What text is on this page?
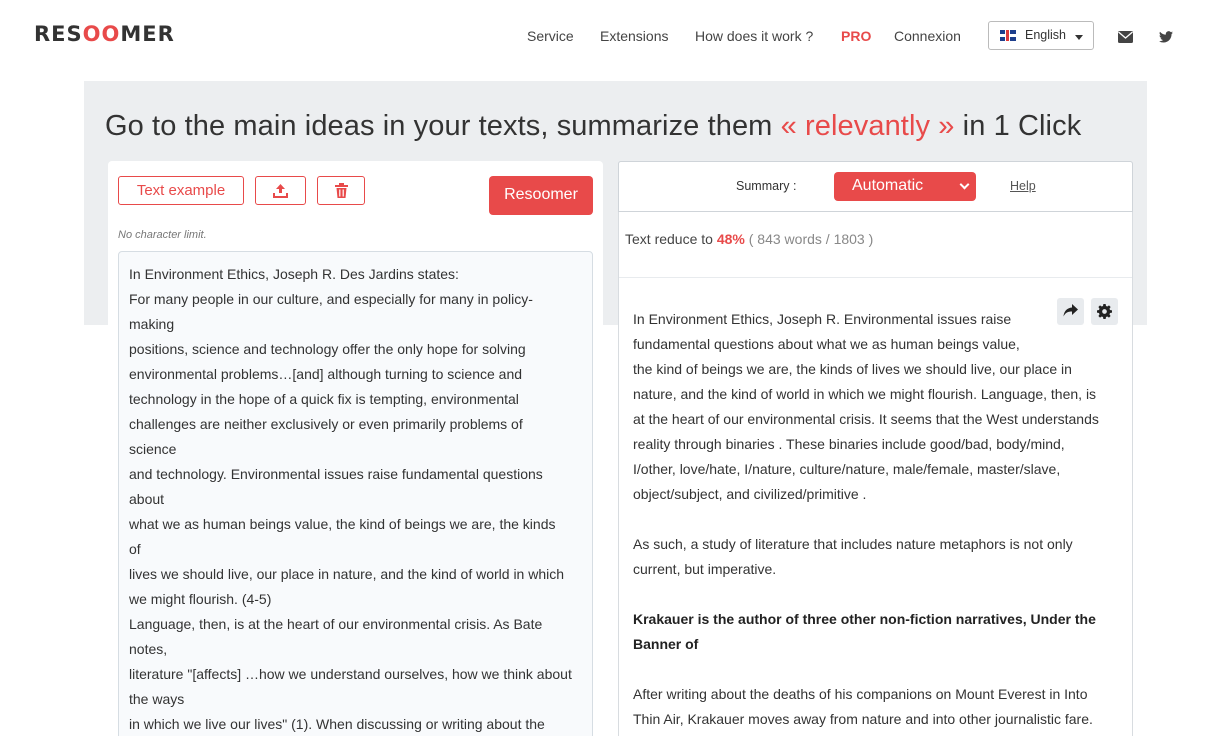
RESOOMER	Service Extensions How does it work ? PRO Connexion	English
Go to the main ideas in your texts, summarize them « relevantly » in 1 Click
Text example	Resoomer
No character limit.
In Environment Ethics, Joseph R. Des Jardins states:
For many people in our culture, and especially for many in policy-
making
positions, science and technology offer the only hope for solving
environmental problems…[and] although turning to science and
technology in the hope of a quick fix is tempting, environmental
challenges are neither exclusively or even primarily problems of
science
and technology. Environmental issues raise fundamental questions
about
what we as human beings value, the kind of beings we are, the kinds
of
lives we should live, our place in nature, and the kind of world in which
we might flourish. (4-5)
Language, then, is at the heart of our environmental crisis. As Bate
notes,
literature "[affects] …how we understand ourselves, how we think about
the ways
in which we live our lives" (1). When discussing or writing about the
Summary :	Automatic	Help
Text reduce to 48% ( 843 words / 1803 )
In Environment Ethics, Joseph R. Environmental issues raise
fundamental questions about what we as human beings value,
the kind of beings we are, the kinds of lives we should live, our place in
nature, and the kind of world in which we might flourish. Language, then, is
at the heart of our environmental crisis. It seems that the West understands
reality through binaries . These binaries include good/bad, body/mind,
I/other, love/hate, I/nature, culture/nature, male/female, master/slave,
object/subject, and civilized/primitive .
As such, a study of literature that includes nature metaphors is not only
current, but imperative.
Krakauer is the author of three other non-fiction narratives, Under the
Banner of
After writing about the deaths of his companions on Mount Everest in Into
Thin Air, Krakauer moves away from nature and into other journalistic fare.
